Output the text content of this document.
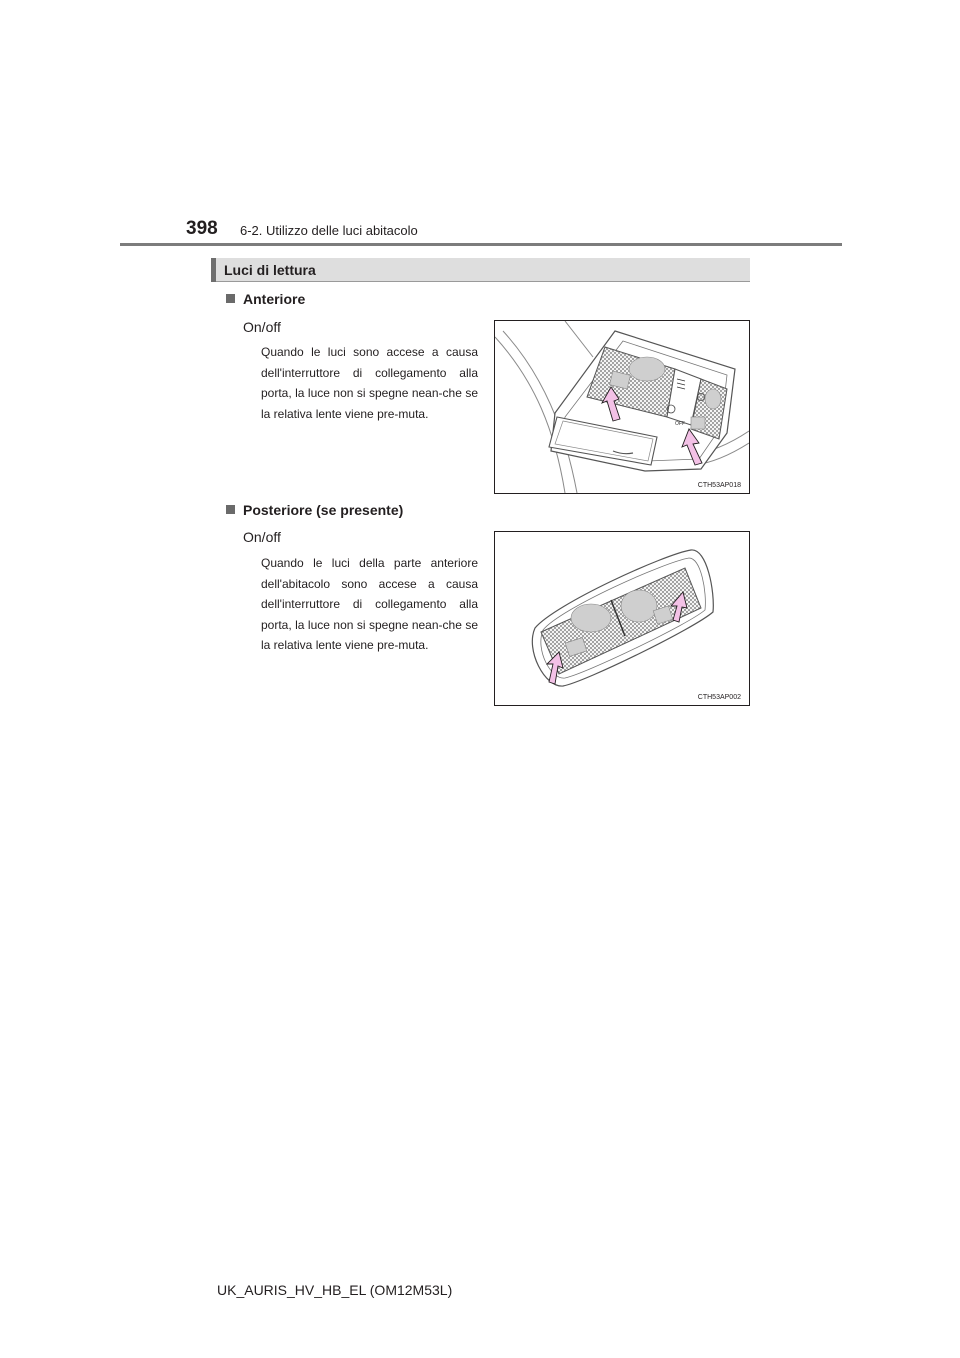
398 6-2. Utilizzo delle luci abitacolo
Luci di lettura
Anteriore
On/off

Quando le luci sono accese a causa dell'interruttore di collegamento alla porta, la luce non si spegne nean-che se la relativa lente viene pre-muta.

OFF
CTH53AP018
Posteriore (se presente)
On/off

Quando le luci della parte anteriore dell'abitacolo sono accese a causa dell'interruttore di collegamento alla porta, la luce non si spegne nean-che se la relativa lente viene pre-muta.

CTH53AP002
UK_AURIS_HV_HB_EL (OM12M53L)
